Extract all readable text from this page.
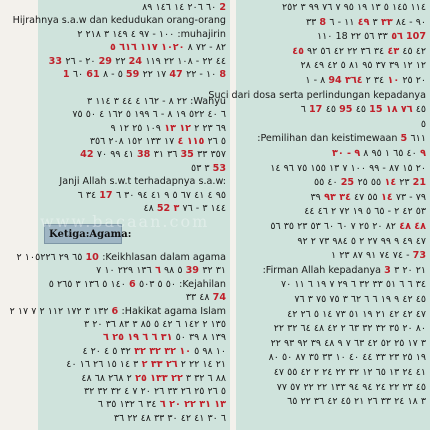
٦٠ ٢٠٦ ١٤ ١٤٦ ٨٩ 2
Hijrahnya s.a.w dan kedudukan orang-orang
١٠٠ - ٩٧ ٤ ١٤٩ ٣ ٢١٨ ٢ :muhajirin
٨٢ - ٧٢ ٨ ١٠٢٠ ١١٧ ٦١٦ ٥
33 ٢٠ - ٢٦ 29 ٢٢ 24 ٤٤ ٢٢ - ١٠٨ ٢٢ ١١٩
1 ٦٠ 61 ٥ - ٨ 59 ١٧ ٢٢ 47 ١٠ - ٢٢ 8
٢٢ ٨ - ١٦٢ ٤ ٤٤ ٣ ١١٤ ٣ :Wahyu
٦ ٤٠ ٥٢٢ ١٩ ٨ - ٦ ١٩٩ ٥ ١٦٢ ٤ ٥٠ ٧٥
٦٩ ٢٣ ٢ ١٢ ١٣ ١٠٩ ٢٥ ١٢ ٩
٥ ٢٦ ١١٥ ٤ ١٧ ١٣٣ ١٥٢ ٢٠٨ ٣٥٦
42 ٤١ ٩٩ ٧٠ 38 ٣٦ ٣١ 35 ٣٥٧ ٣٣
٣ ٥٣ 53
Janji Allah s.w.t terhadapnya s.a.w:
٣٤ ٦ 17 ٩٥ ٤ ٤١ ٦٧ ٥ ٩ ٤١ ٩٤ ٣٠ ٦
٤٨ 52 ١٤٤ ٣ - ٧٦ ٣
Ketiga:Agama:
٦٥ ٢٩ ١٠٥٢٢٦ ٢ 10 :Keikhlasan dalam agama
٥ ٩٨ ٦ ١٣٦ ٢٢٩ ١٠ ٧ 39 ٣١ ٣٢
١٤٠ ٥ ١٣٦ ٣ ٢٦٥ ٥ 6 ٥٠ ٥ ٥٠٣ :Kejahilan
٤٨ ٣٣ 74
١٣٢ ٣ ١٧٢ ١١٢ ٢ ٧ ١٧ ٢ 6 :Hakikat agama Islam
١٣٥ ٢ ١٤٢ ٦ ٤٢ ٥ ٨٥ ٣ ٨٣ ٣٦ ٢٠ ٣
١٣٩ ٨ ٣٩ ٥٠ ٣١ ٦ ٦ ١٩ ٢٥ ٦
١٠ ٩٨ ٥ ١٠ ٣٢ ٣٢ ٣٢ ٣٢ ٥ ٤ ٢٠ ٤
٢١ ١٤ ٢٢ ٢ ٢٦ ٣٣ ٢ ٣ ١٤ ١٥ ٢٦ ١٦ ٤٠
٨٨ ٦ ٣٢ ٣ ٢٢ ١٣٣ ٢٥ ٢ ٢٦٨ ٦٨ ٤٨
٥ ٢٦ ٢٥ ٢٦ ٣٣ ٢٦ ٢٠ ٧ ٤ ٣٢ ٣٢ ٣٢
١٣ ٣١ ٢٢ ٢٠ ٦ ٣٤ ٦ ١٣٢ ٣٥ ٦
٦ ٣٠ ٤١ ٤٢ ٣٠ ٣٣ ٤٨ ٢٢ ٣٦
١١٤ ١٤٥ ٥ ١٣ ١٩ ٩٥ ٧ ٧٦ ٩٩ ٣ ٢٥٢
٣٣ 8	٩٠ - ٨٤ ٣٣ ٣ ٤٩ ١١ - ٦
١١٠ 18	٥٦ ٣٣ ٥٦ ٢٢ 107
٤٢ ٤٥ ٤٣ ٣٤ ٣٦ ٢٢ ٤٢ ٥٦ ٩٢ ٤٥
١٢ ١٢ ٣٩ ٣٧ ٩٥ ٨١ ٥ ٤٢ ٤٩ ٢٨
٨ - ١ 94	٢٠ ٢٥ ١٠ ٣٤ ٢ ٣٦٤
Suci dari dosa serta perlindungan kepadanya
٦ 17 ٤٥ 95 ٤٥ 15	٤٥ ٧٦ ١٨
٥
:Pemilihan dan keistimewaan 5 ٦١١
٩ ٤٠ ٦٥ ١ ٩٥ ٨ ٩ - ٣٠
٢٠ ١٥ ٨٧ - ٩٩ ١٠٠ ٧ ١٣ ١٥٥ ٧٥ ٩٦ ١٤
٤٠ ٥٥ 25	٢٣ ١٤ ٥٥ ٢٥ 21
٧٩ - ٧٣ ١٤ ٥٥ ٤٧ ٣٤ ٩٣ ٣٩
٥٣ ٤٢ ٢ - ٦٥ ٥ ١٩ ٧٢ ٢ ٤٦ ٤٤
٤٨ ٤٨ ٨٢ ٢٠ ٢٥ ٧ ٦٠ ٦٠ ٥٣ ٢٣ ٣٥ ٥٦
٤٧ ٤٩ ٩ ٩٩ ٢٧ ٢ ٥ ٩٨٤ ٧٣ ٢ ٩٢
٧٤ ٧٤ ٩١ ٨٧ ٢٣ ١ - 73
:Firman Allah kepadanya 3 ٢١ ٢٠ ٣
٣٤ ٦ ٦ ٥١ ٣٣ ٣٢ ٦ ٢٩ ٧ ١٩ ٦ ١١ ٧٠
٤٥ ٤٢ ٩ ١٩ ٦ ٦ ٦٢ ٣ ٧٥ ٧٥ ٣ ٧٦
٤٧ ٤٢ ٤٢ ٢١ ١٩ ٥١ ٧٣ ١٤ ٥ ٢٦ ٤٢
٨٠ ٢٠ ٣٥ ٣٢ ٣٢ ٦٣ ٢ ٤٢ ٤٨ ٦٤ ٣٢ ٢٢
٣ ١٧ ٢٥ ٥٢ ٤٢ ٦٣ ٧ ٩ ٤٨ ٣٩ ٩٢ ٩٣ ٢٢
١٩ ٢٥ ٢٣ ٣٣ ٤٤ ٤٠ ١٠ ٣٣ ٣٥ ٨٧ ٥٠ ٨٠
٤١ ٢٤ ١٣ ٦٥ ١٢ ٣٢ ٢٢ ٢٤ ٢ ٤٢ ٥٥ ٤٧
٤٥ ٢٣ ٢٢ ٢٤ ٩٤ ٩٤ ١٣٣ ٢٢ ٢٢ ٥٧ ٧٧
٣ ١٨ ٢٤ ٣٣ ٢٦ ٢١ ٤٥ ٤٢ ٣٦ ٢٢ ٦٥
www.bacaan.com
